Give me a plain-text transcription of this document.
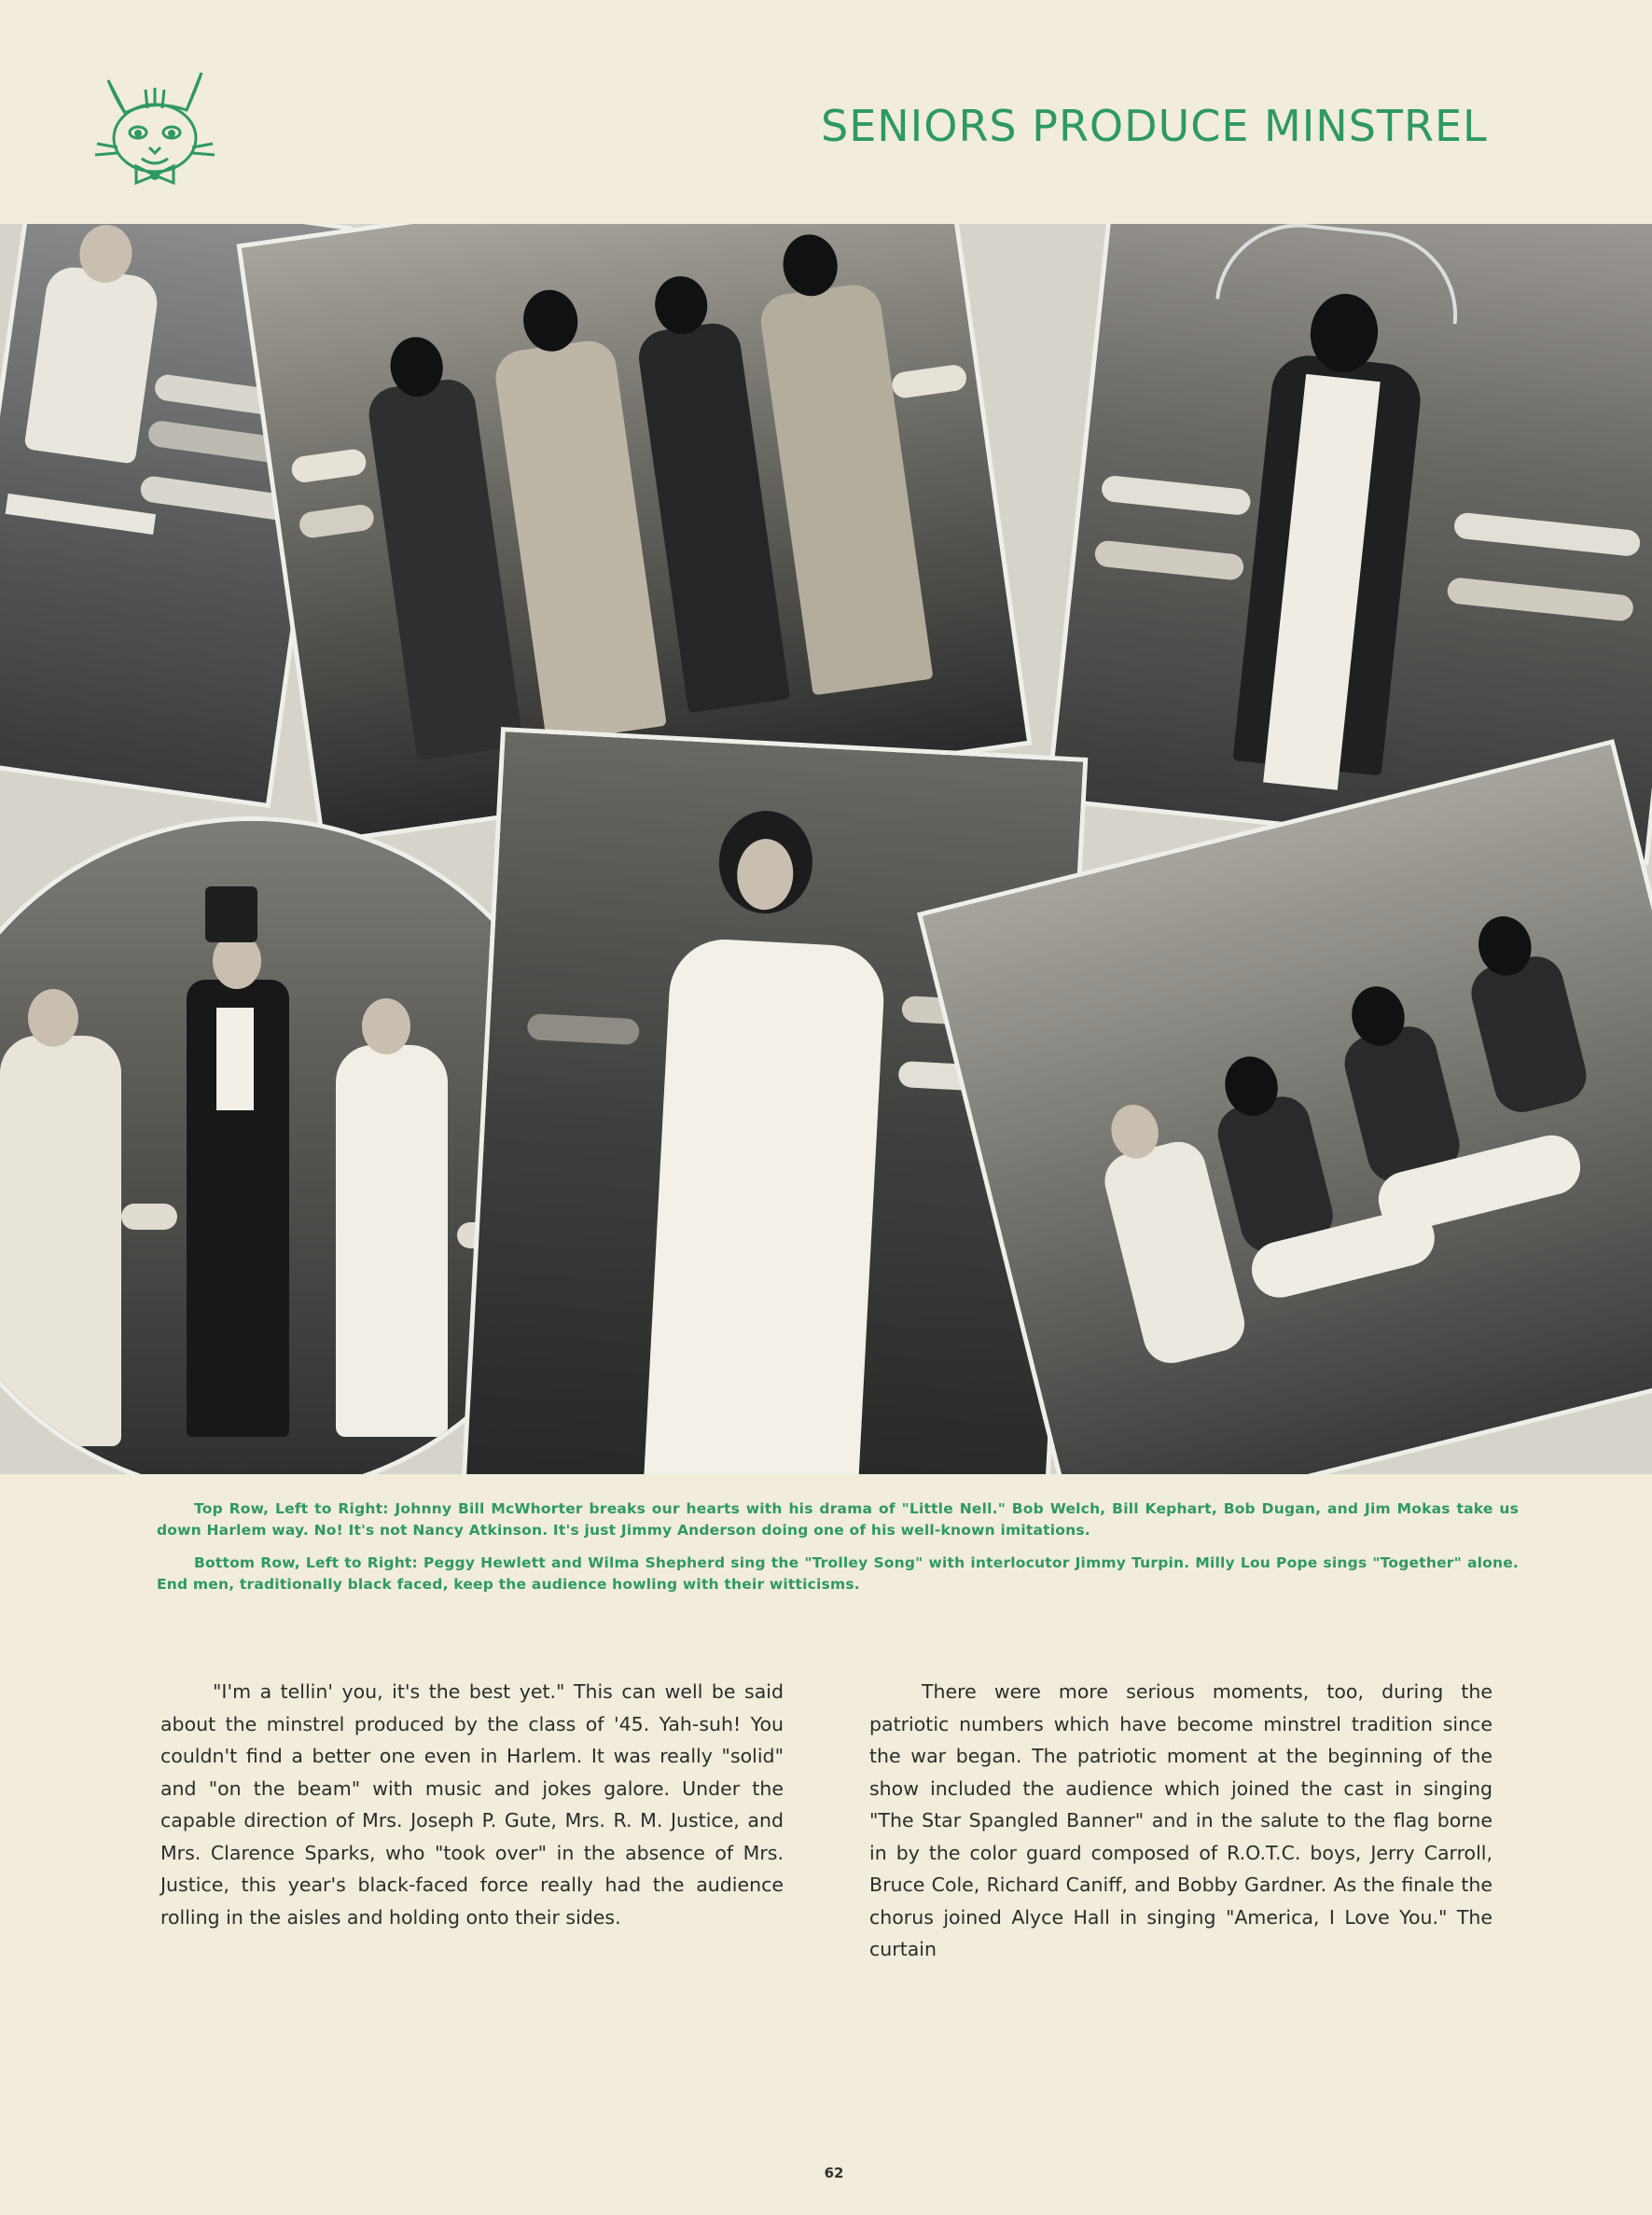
SENIORS PRODUCE MINSTREL

Top Row, Left to Right: Johnny Bill McWhorter breaks our hearts with his drama of "Little Nell." Bob Welch, Bill Kephart, Bob Dugan, and Jim Mokas take us down Harlem way. No! It's not Nancy Atkinson. It's just Jimmy Anderson doing one of his well-known imitations.

Bottom Row, Left to Right: Peggy Hewlett and Wilma Shepherd sing the "Trolley Song" with interlocutor Jimmy Turpin. Milly Lou Pope sings "Together" alone. End men, traditionally black faced, keep the audience howling with their witticisms.

"I'm a tellin' you, it's the best yet." This can well be said about the minstrel produced by the class of '45. Yah-suh! You couldn't find a better one even in Harlem. It was really "solid" and "on the beam" with music and jokes galore. Under the capable direction of Mrs. Joseph P. Gute, Mrs. R. M. Justice, and Mrs. Clarence Sparks, who "took over" in the absence of Mrs. Justice, this year's black-faced force really had the audience rolling in the aisles and holding onto their sides.

There were more serious moments, too, during the patriotic numbers which have become minstrel tradition since the war began. The patriotic moment at the beginning of the show included the audience which joined the cast in singing "The Star Spangled Banner" and in the salute to the flag borne in by the color guard composed of R.O.T.C. boys, Jerry Carroll, Bruce Cole, Richard Caniff, and Bobby Gardner. As the finale the chorus joined Alyce Hall in singing "America, I Love You." The curtain

62
